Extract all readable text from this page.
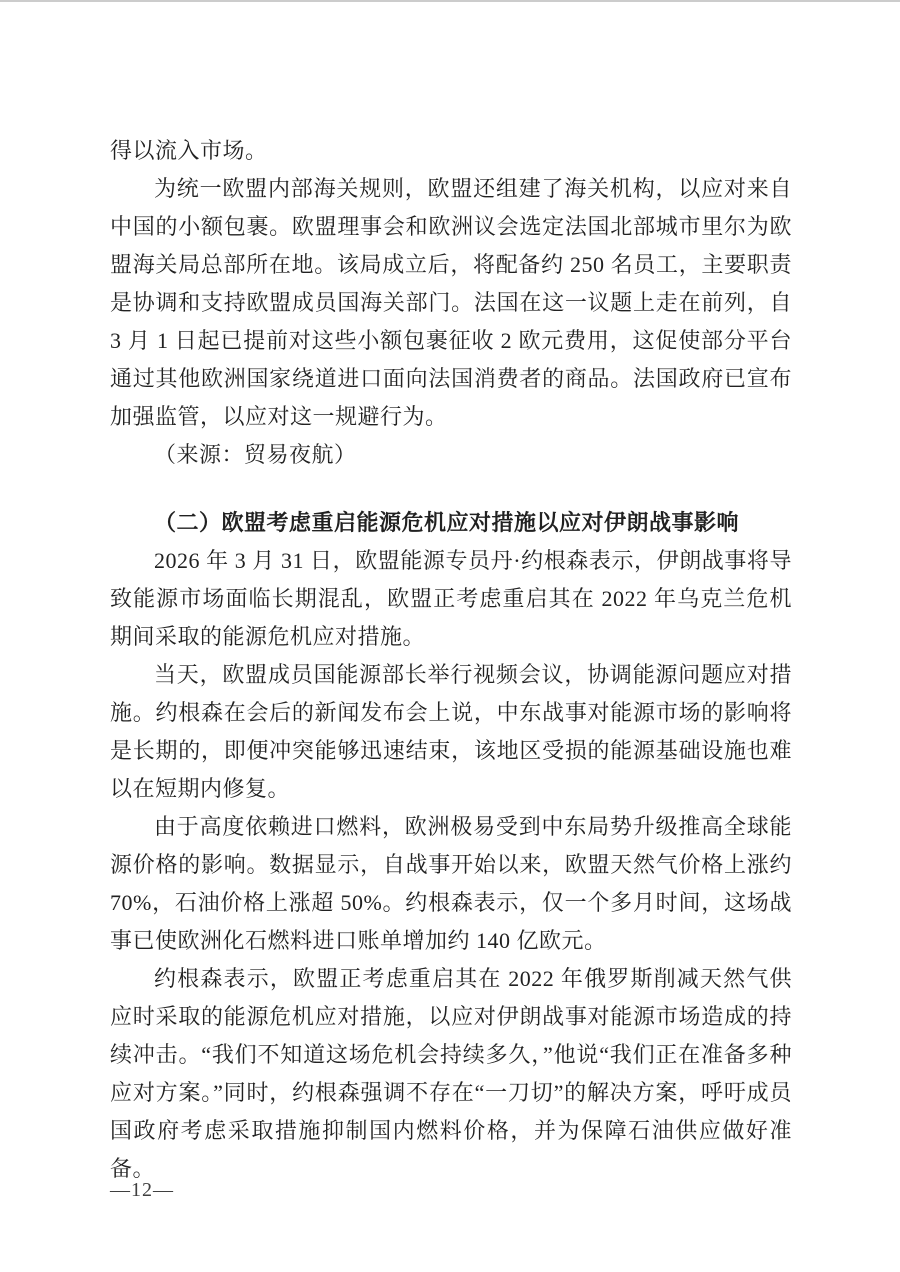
得以流入市场。

为统一欧盟内部海关规则，欧盟还组建了海关机构，以应对来自中国的小额包裹。欧盟理事会和欧洲议会选定法国北部城市里尔为欧盟海关局总部所在地。该局成立后，将配备约 250 名员工，主要职责是协调和支持欧盟成员国海关部门。法国在这一议题上走在前列，自 3 月 1 日起已提前对这些小额包裹征收 2 欧元费用，这促使部分平台通过其他欧洲国家绕道进口面向法国消费者的商品。法国政府已宣布加强监管，以应对这一规避行为。

（来源：贸易夜航）

（二）欧盟考虑重启能源危机应对措施以应对伊朗战事影响

2026 年 3 月 31 日，欧盟能源专员丹·约根森表示，伊朗战事将导致能源市场面临长期混乱，欧盟正考虑重启其在 2022 年乌克兰危机期间采取的能源危机应对措施。

当天，欧盟成员国能源部长举行视频会议，协调能源问题应对措施。约根森在会后的新闻发布会上说，中东战事对能源市场的影响将是长期的，即便冲突能够迅速结束，该地区受损的能源基础设施也难以在短期内修复。

由于高度依赖进口燃料，欧洲极易受到中东局势升级推高全球能源价格的影响。数据显示，自战事开始以来，欧盟天然气价格上涨约 70%，石油价格上涨超 50%。约根森表示，仅一个多月时间，这场战事已使欧洲化石燃料进口账单增加约 140 亿欧元。

约根森表示，欧盟正考虑重启其在 2022 年俄罗斯削减天然气供应时采取的能源危机应对措施，以应对伊朗战事对能源市场造成的持续冲击。“我们不知道这场危机会持续多久，”他说“我们正在准备多种应对方案。”同时，约根森强调不存在“一刀切”的解决方案，呼吁成员国政府考虑采取措施抑制国内燃料价格，并为保障石油供应做好准备。

—12—
